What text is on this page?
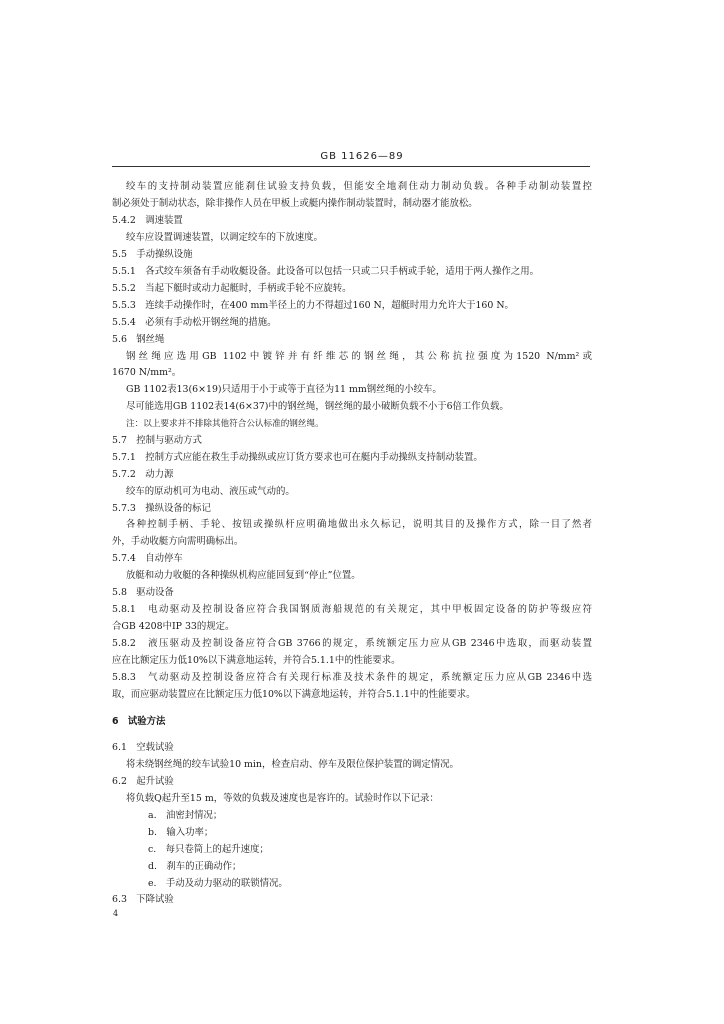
GB 11626—89
绞车的支持制动装置应能刹住试验支持负载，但能安全地刹住动力制动负载。各种手动制动装置控
制必须处于制动状态，除非操作人员在甲板上或艇内操作制动装置时，制动器才能放松。
5.4.2　调速装置
绞车应设置调速装置，以调定绞车的下放速度。
5.5　手动操纵设施
5.5.1　各式绞车须备有手动收艇设备。此设备可以包括一只或二只手柄或手轮，适用于两人操作之用。
5.5.2　当起下艇时或动力起艇时，手柄或手轮不应旋转。
5.5.3　连续手动操作时，在400 mm半径上的力不得超过160 N，超艇时用力允许大于160 N。
5.5.4　必须有手动松开钢丝绳的措施。
5.6　钢丝绳
钢丝绳应选用GB 1102中镀锌并有纤维芯的钢丝绳，其公称抗拉强度为1520 N/mm²或
1670 N/mm²。
GB 1102表13(6×19)只适用于小于或等于直径为11 mm钢丝绳的小绞车。
尽可能选用GB 1102表14(6×37)中的钢丝绳，钢丝绳的最小破断负载不小于6倍工作负载。
注：以上要求并不排除其他符合公认标准的钢丝绳。
5.7　控制与驱动方式
5.7.1　控制方式应能在救生手动操纵或应订货方要求也可在艇内手动操纵支持制动装置。
5.7.2　动力源
绞车的原动机可为电动、液压或气动的。
5.7.3　操纵设备的标记
各种控制手柄、手轮、按钮或操纵杆应明确地做出永久标记，说明其目的及操作方式，除一目了然者
外，手动收艇方向需明确标出。
5.7.4　自动停车
放艇和动力收艇的各种操纵机构应能回复到“停止”位置。
5.8　驱动设备
5.8.1　电动驱动及控制设备应符合我国钢质海船规范的有关规定，其中甲板固定设备的防护等级应符
合GB 4208中IP 33的规定。
5.8.2　液压驱动及控制设备应符合GB 3766的规定，系统额定压力应从GB 2346中选取，而驱动装置
应在比额定压力低10%以下满意地运转，并符合5.1.1中的性能要求。
5.8.3　气动驱动及控制设备应符合有关现行标准及技术条件的规定，系统额定压力应从GB 2346中选
取，而应驱动装置应在比额定压力低10%以下满意地运转，并符合5.1.1中的性能要求。
6　试验方法
6.1　空载试验
将未绕钢丝绳的绞车试验10 min，检查启动、停车及限位保护装置的调定情况。
6.2　起升试验
将负载Q起升至15 m，等效的负载及速度也是容许的。试验时作以下记录：
a.　油密封情况；
b.　输入功率；
c.　每只卷筒上的起升速度；
d.　刹车的正确动作；
e.　手动及动力驱动的联锁情况。
6.3　下降试验
4
